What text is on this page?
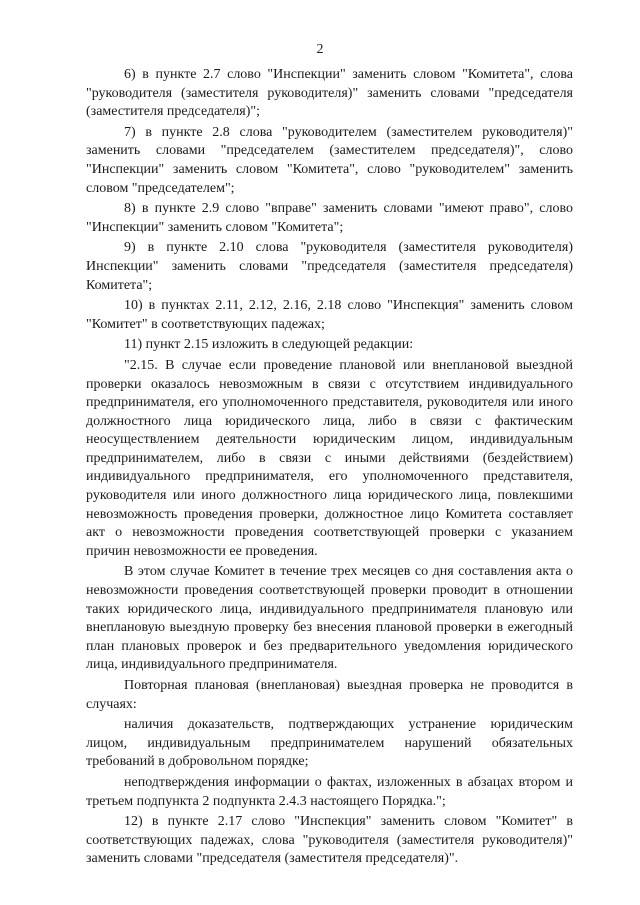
2

6) в пункте 2.7 слово "Инспекции" заменить словом "Комитета", слова "руководителя (заместителя руководителя)" заменить словами "председателя (заместителя председателя)";

7) в пункте 2.8 слова "руководителем (заместителем руководителя)" заменить словами "председателем (заместителем председателя)", слово "Инспекции" заменить словом "Комитета", слово "руководителем" заменить словом "председателем";

8) в пункте 2.9 слово "вправе" заменить словами "имеют право", слово "Инспекции" заменить словом "Комитета";

9) в пункте 2.10 слова "руководителя (заместителя руководителя) Инспекции" заменить словами "председателя (заместителя председателя) Комитета";

10) в пунктах 2.11, 2.12, 2.16, 2.18 слово "Инспекция" заменить словом "Комитет" в соответствующих падежах;

11) пункт 2.15 изложить в следующей редакции:

"2.15. В случае если проведение плановой или внеплановой выездной проверки оказалось невозможным в связи с отсутствием индивидуального предпринимателя, его уполномоченного представителя, руководителя или иного должностного лица юридического лица, либо в связи с фактическим неосуществлением деятельности юридическим лицом, индивидуальным предпринимателем, либо в связи с иными действиями (бездействием) индивидуального предпринимателя, его уполномоченного представителя, руководителя или иного должностного лица юридического лица, повлекшими невозможность проведения проверки, должностное лицо Комитета составляет акт о невозможности проведения соответствующей проверки с указанием причин невозможности ее проведения.

В этом случае Комитет в течение трех месяцев со дня составления акта о невозможности проведения соответствующей проверки проводит в отношении таких юридического лица, индивидуального предпринимателя плановую или внеплановую выездную проверку без внесения плановой проверки в ежегодный план плановых проверок и без предварительного уведомления юридического лица, индивидуального предпринимателя.

Повторная плановая (внеплановая) выездная проверка не проводится в случаях:

наличия доказательств, подтверждающих устранение юридическим лицом, индивидуальным предпринимателем нарушений обязательных требований в добровольном порядке;

неподтверждения информации о фактах, изложенных в абзацах втором и третьем подпункта 2 подпункта 2.4.3 настоящего Порядка.";

12) в пункте 2.17 слово "Инспекция" заменить словом "Комитет" в соответствующих падежах, слова "руководителя (заместителя руководителя)" заменить словами "председателя (заместителя председателя)".
